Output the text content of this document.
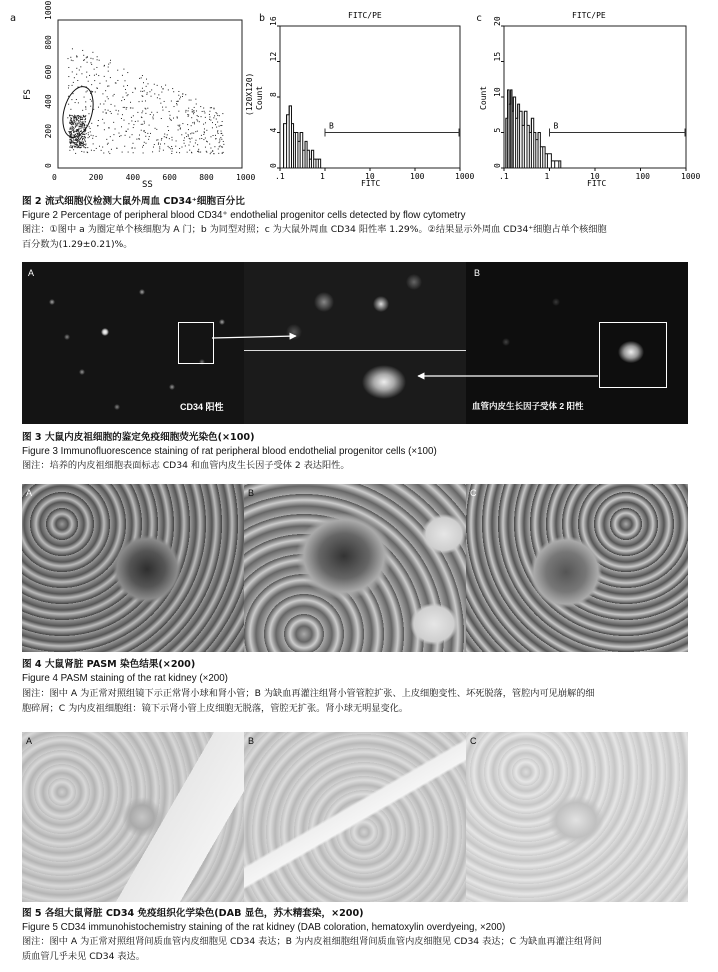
a
FS
SS
0	200	400	600	800	1000
0
200
400
600
800
1000	b	FITC/PE
Count
(120X120)
FITC
B
.1	1	10	100	1000
0
4
8
12
16	c	FITC/PE
Count
FITC
B
.1	1	10	100	1000
0
5
10
15
20
图 2 流式细胞仪检测大鼠外周血 CD34⁺细胞百分比
Figure 2 Percentage of peripheral blood CD34⁺ endothelial progenitor cells detected by flow cytometry
图注：①图中 a 为圈定单个核细胞为 A 门；b 为同型对照；c 为大鼠外周血 CD34 阳性率 1.29%。②结果显示外周血 CD34⁺细胞占单个核细胞
百分数为(1.29±0.21)%。
A
CD34 阳性
B
血管内皮生长因子受体 2 阳性
图 3 大鼠内皮祖细胞的鉴定免疫细胞荧光染色(×100)
Figure 3 Immunofluorescence staining of rat peripheral blood endothelial progenitor cells (×100)
图注：培养的内皮祖细胞表面标志 CD34 和血管内皮生长因子受体 2 表达阳性。
A	B	C
图 4 大鼠肾脏 PASM 染色结果(×200)
Figure 4 PASM staining of the rat kidney (×200)
图注：图中 A 为正常对照组镜下示正常肾小球和肾小管；B 为缺血再灌注组肾小管管腔扩张、上皮细胞变性、坏死脱落，管腔内可见崩解的细
胞碎屑；C 为内皮祖细胞组：镜下示肾小管上皮细胞无脱落，管腔无扩张。肾小球无明显变化。
A	B	C
图 5 各组大鼠肾脏 CD34 免疫组织化学染色(DAB 显色，苏木精套染，×200)
Figure 5 CD34 immunohistochemistry staining of the rat kidney (DAB coloration, hematoxylin overdyeing, ×200)
图注：图中 A 为正常对照组肾间质血管内皮细胞见 CD34 表达；B 为内皮祖细胞组肾间质血管内皮细胞见 CD34 表达；C 为缺血再灌注组肾间
质血管几乎未见 CD34 表达。
